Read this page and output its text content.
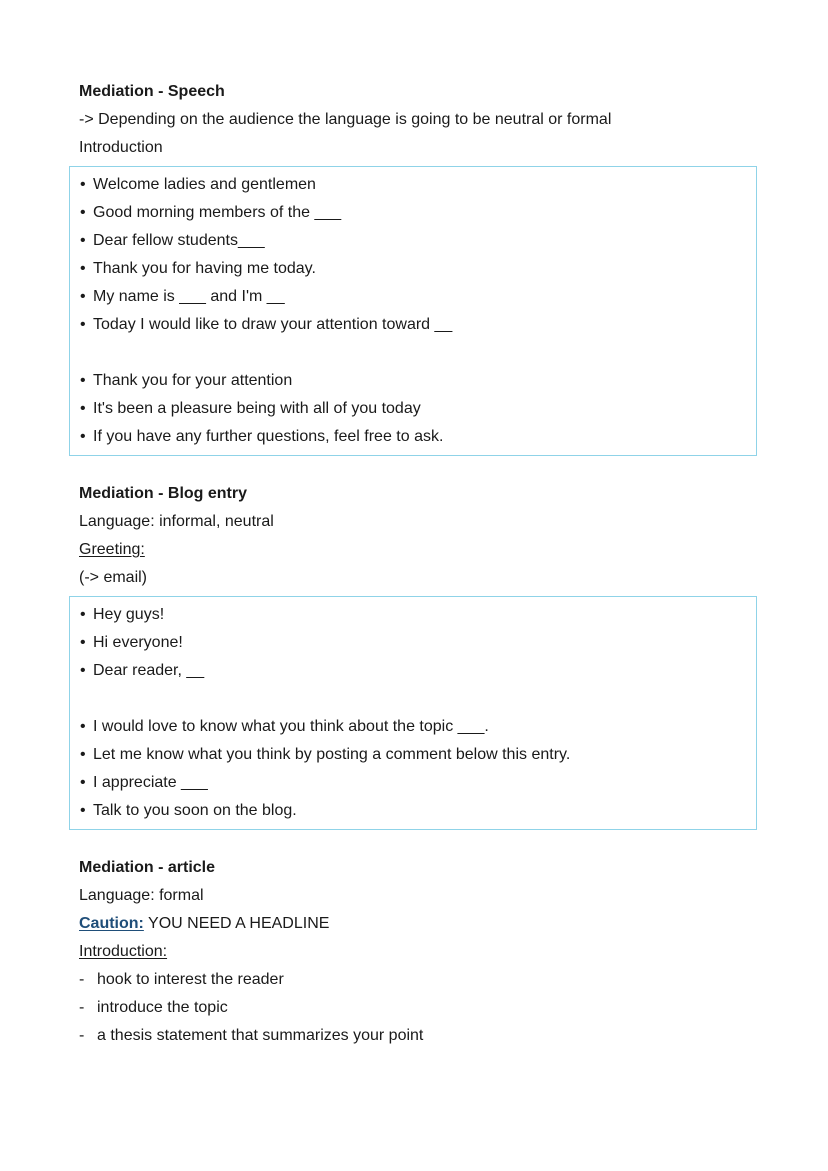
Mediation - Speech
-> Depending on the audience the language is going to be neutral or formal
Introduction
• Welcome ladies and gentlemen
• Good morning members of the ___
• Dear fellow students___
• Thank you for having me today.
• My name is ___ and I'm __
• Today I would like to draw your attention toward __
• Thank you for your attention
• It's been a pleasure being with all of you today
• If you have any further questions, feel free to ask.
Mediation - Blog entry
Language: informal, neutral
Greeting:
(-> email)
• Hey guys!
• Hi everyone!
• Dear reader, __
• I would love to know what you think about the topic ___.
• Let me know what you think by posting a comment below this entry.
• I appreciate ___
• Talk to you soon on the blog.
Mediation - article
Language: formal
Caution: YOU NEED A HEADLINE
Introduction:
- hook to interest the reader
- introduce the topic
- a thesis statement that summarizes your point
